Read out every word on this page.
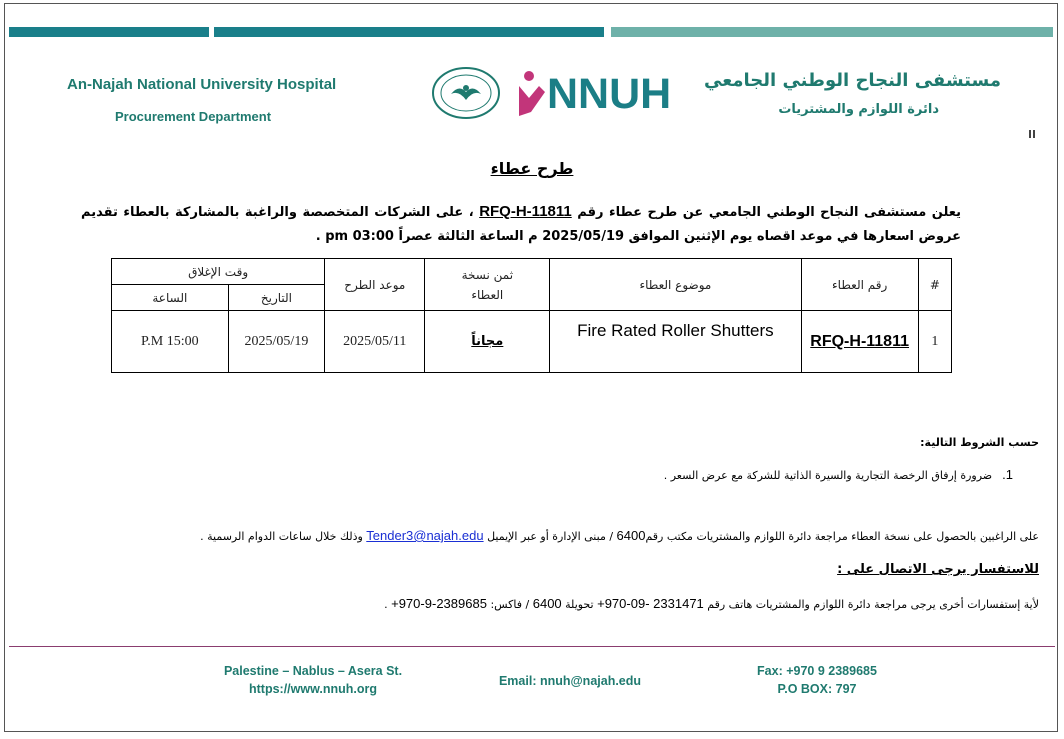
An-Najah National University Hospital
Procurement Department	NNUH مستشفى النجاح الوطني الجامعي
دائرة اللوازم والمشتريات
طرح عطاء
يعلن مستشفى النجاح الوطني الجامعي عن طرح عطاء رقم RFQ-H-11811 ، على الشركات المتخصصة والراغبة بالمشاركة بالعطاء تقديم عروض اسعارها في موعد اقصاه يوم الإثنين الموافق 2025/05/19 م الساعة الثالثة عصراً 03:00 pm .
#	رقم العطاء	موضوع العطاء	ثمن نسخة العطاء	موعد الطرح	وقت الإغلاق	
					التاريخ	الساعة
1	RFQ-H-11811	Fire Rated Roller Shutters	مجاناً	2025/05/11	2025/05/19	P.M 15:00
حسب الشروط التالية:
1.ضرورة إرفاق الرخصة التجارية والسيرة الذاتية للشركة مع عرض السعر .
على الراغبين بالحصول على نسخة العطاء مراجعة دائرة اللوازم والمشتريات مكتب رقم6400 / مبنى الإدارة أو عبر الإيميل Tender3@najah.edu وذلك خلال ساعات الدوام الرسمية .
للاستفسار يرجى الاتصال على :
لأية إستفسارات أخرى يرجى مراجعة دائرة اللوازم والمشتريات هاتف رقم 2331471 -09-970+ تحويلة 6400 / فاكس: 2389685-9-970+ .
Palestine – Nablus – Asera St.
https://www.nnuh.org
Email: nnuh@najah.edu
Fax: +970 9 2389685
P.O BOX: 797
